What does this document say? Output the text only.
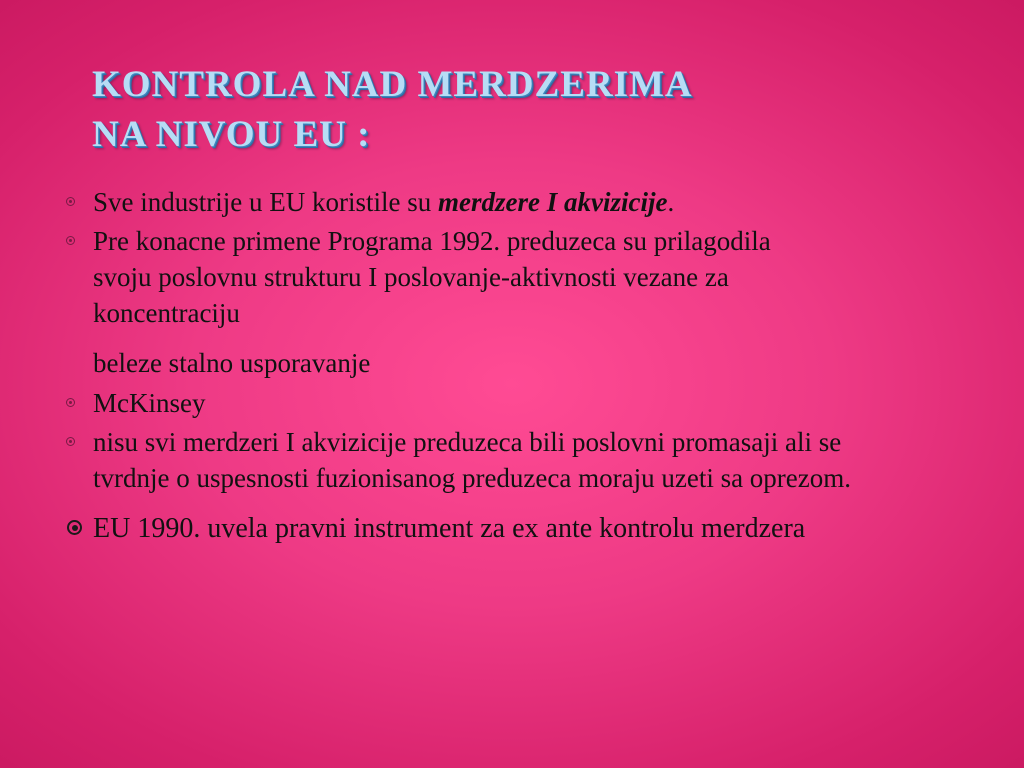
KONTROLA NAD MERDZERIMA
NA NIVOU EU :
Sve industrije u EU koristile su merdzere I akvizicije.
Pre konacne primene Programa 1992. preduzeca su prilagodila svoju poslovnu strukturu I poslovanje-aktivnosti vezane za koncentraciju
beleze stalno usporavanje
McKinsey
nisu svi merdzeri I akvizicije preduzeca bili poslovni promasaji ali se tvrdnje o uspesnosti fuzionisanog preduzeca moraju uzeti sa oprezom.
EU 1990. uvela pravni instrument za ex ante kontrolu merdzera
